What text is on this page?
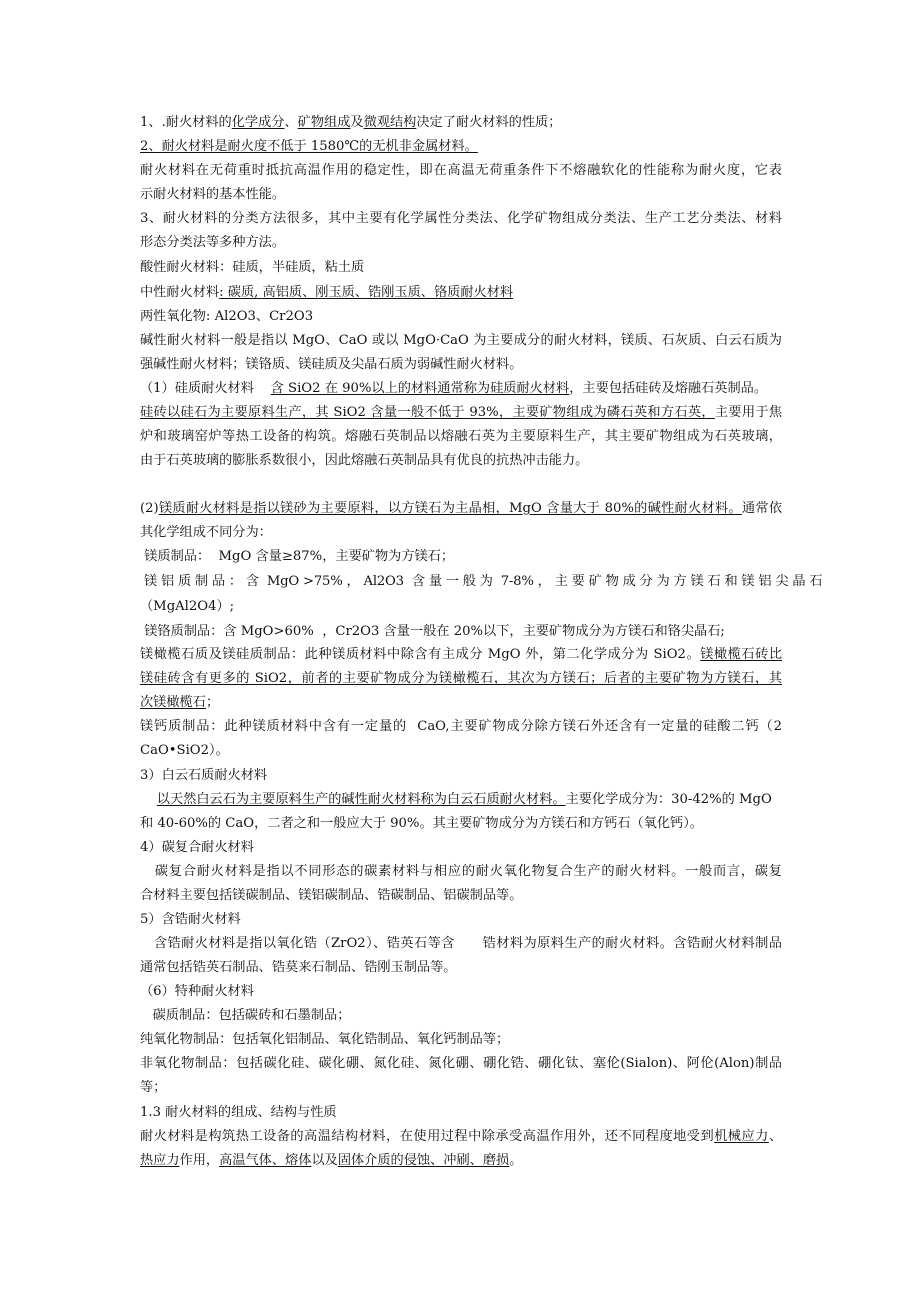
1、.耐火材料的化学成分、矿物组成及微观结构决定了耐火材料的性质；
2、耐火材料是耐火度不低于 1580℃的无机非金属材料。
耐火材料在无荷重时抵抗高温作用的稳定性，即在高温无荷重条件下不熔融软化的性能称为耐火度，它表
示耐火材料的基本性能。
3、耐火材料的分类方法很多，其中主要有化学属性分类法、化学矿物组成分类法、生产工艺分类法、材料
形态分类法等多种方法。
酸性耐火材料：硅质，半硅质，粘土质
中性耐火材料: 碳质, 高铝质、刚玉质、锆刚玉质、铬质耐火材料
两性氧化物: Al2O3、Cr2O3
碱性耐火材料一般是指以 MgO、CaO 或以 MgO·CaO 为主要成分的耐火材料，镁质、石灰质、白云石质为
强碱性耐火材料；镁铬质、镁硅质及尖晶石质为弱碱性耐火材料。
（1）硅质耐火材料    含 SiO2 在 90%以上的材料通常称为硅质耐火材料，主要包括硅砖及熔融石英制品。
硅砖以硅石为主要原料生产，其 SiO2 含量一般不低于 93%，主要矿物组成为磷石英和方石英，主要用于焦
炉和玻璃窑炉等热工设备的构筑。熔融石英制品以熔融石英为主要原料生产，其主要矿物组成为石英玻璃，
由于石英玻璃的膨胀系数很小，因此熔融石英制品具有优良的抗热冲击能力。
(2)镁质耐火材料是指以镁砂为主要原料，以方镁石为主晶相，MgO 含量大于 80%的碱性耐火材料。通常依
其化学组成不同分为：
镁质制品：  MgO 含量≥87%，主要矿物为方镁石；
镁 铝 质 制 品 ： 含  MgO >75% ， Al2O3  含 量 一 般 为  7-8% ， 主 要 矿 物 成 分 为 方 镁 石 和 镁 铝 尖 晶 石
（MgAl2O4）;
镁铬质制品：含 MgO>60%  ，Cr2O3 含量一般在 20%以下，主要矿物成分为方镁石和铬尖晶石;
镁橄榄石质及镁硅质制品：此种镁质材料中除含有主成分 MgO 外，第二化学成分为 SiO2。镁橄榄石砖比
镁硅砖含有更多的 SiO2，前者的主要矿物成分为镁橄榄石，其次为方镁石；后者的主要矿物为方镁石，其
次镁橄榄石；
镁钙质制品：此种镁质材料中含有一定量的  CaO,主要矿物成分除方镁石外还含有一定量的硅酸二钙（2
CaO•SiO2）。
3）白云石质耐火材料
以天然白云石为主要原料生产的碱性耐火材料称为白云石质耐火材料。主要化学成分为：30-42%的 MgO
和 40-60%的 CaO，二者之和一般应大于 90%。其主要矿物成分为方镁石和方钙石（氧化钙）。
4）碳复合耐火材料
碳复合耐火材料是指以不同形态的碳素材料与相应的耐火氧化物复合生产的耐火材料。一般而言，碳复
合材料主要包括镁碳制品、镁铝碳制品、锆碳制品、铝碳制品等。
5）含锆耐火材料
含锆耐火材料是指以氧化锆（ZrO2）、锆英石等含      锆材料为原料生产的耐火材料。含锆耐火材料制品
通常包括锆英石制品、锆莫来石制品、锆刚玉制品等。
（6）特种耐火材料
碳质制品：包括碳砖和石墨制品；
纯氧化物制品：包括氧化铝制品、氧化锆制品、氧化钙制品等；
非氧化物制品：包括碳化硅、碳化硼、氮化硅、氮化硼、硼化锆、硼化钛、塞伦(Sialon)、阿伦(Alon)制品
等；
1.3 耐火材料的组成、结构与性质
耐火材料是构筑热工设备的高温结构材料，在使用过程中除承受高温作用外，还不同程度地受到机械应力、
热应力作用，高温气体、熔体以及固体介质的侵蚀、冲刷、磨损。
